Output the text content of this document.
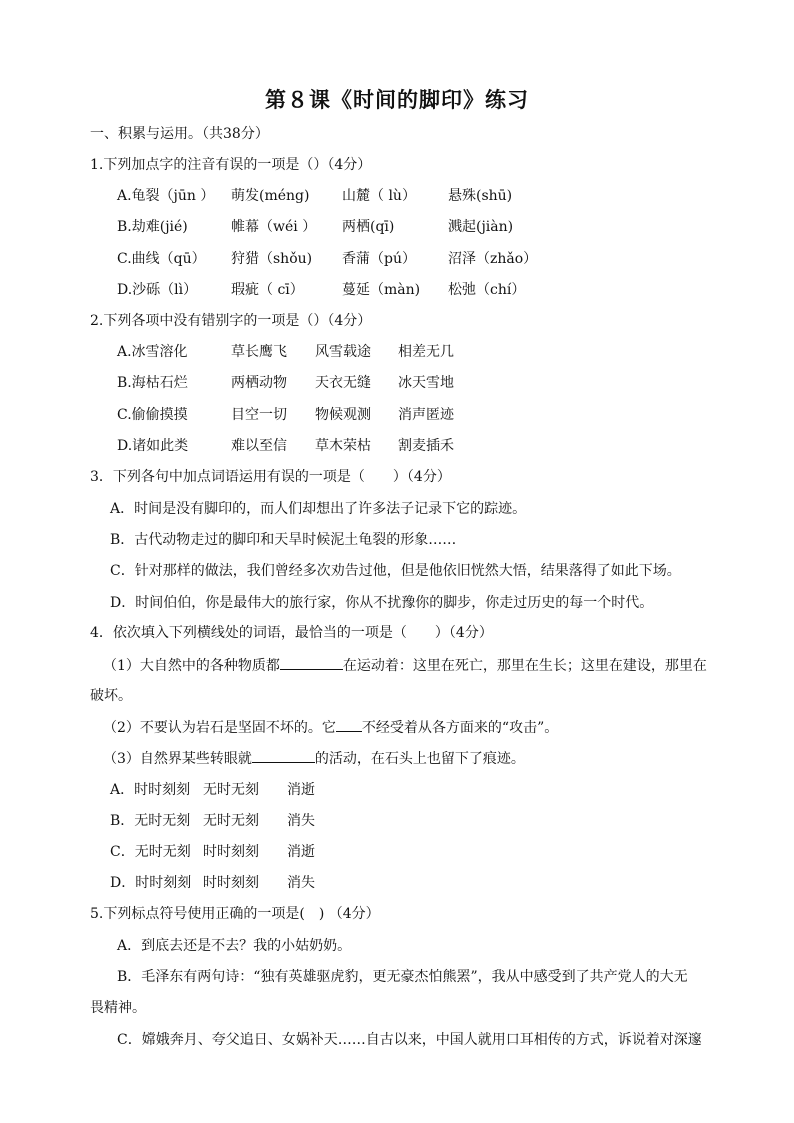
第８课《时间的脚印》练习
一、积累与运用。（共38分）
1.下列加点字的注音有误的一项是（）（4分）
A.龟裂（jūn ） 萌发(méng) 山麓（ lù） 悬殊(shū)
B.劫难(jié)	帷幕（wéi ） 两栖(qī)	溅起(jiàn)
C.曲线（qū） 狩猎（shǒu) 香蒲（pú） 沼泽（zhǎo）
D.沙砾（lì） 瑕疵（ cī）	蔓延（màn) 松弛（chí）
2.下列各项中没有错别字的一项是（）（4分）
A.冰雪溶化	草长鹰飞 风雪载途 相差无几
B.海枯石烂	两栖动物 天衣无缝 冰天雪地
C.偷偷摸摸	目空一切 物候观测 消声匿迹
D.诸如此类	难以至信 草木荣枯 割麦插禾
3．下列各句中加点词语运用有误的一项是（　　）（4分）
A．时间是没有脚印的，而人们却想出了许多法子记录下它的踪迹。
B．古代动物走过的脚印和天旱时候泥土龟裂的形象……
C．针对那样的做法，我们曾经多次劝告过他，但是他依旧恍然大悟，结果落得了如此下场。
D．时间伯伯，你是最伟大的旅行家，你从不扰豫你的脚步，你走过历史的每一个时代。
4．依次填入下列横线处的词语，最恰当的一项是（　　）（4分）
（1）大自然中的各种物质都	在运动着：这里在死亡，那里在生长；这里在建设，那里在
破坏。
（2）不要认为岩石是坚固不坏的。它 不经受着从各方面来的“攻击”。
（3）自然界某些转眼就	的活动，在石头上也留下了痕迹。
A．时时刻刻 无时无刻 消逝
B．无时无刻 无时无刻 消失
C．无时无刻 时时刻刻 消逝
D．时时刻刻 时时刻刻 消失
5.下列标点符号使用正确的一项是(　) （4分）
A．到底去还是不去？我的小姑奶奶。
B．毛泽东有两句诗：“独有英雄驱虎豹，更无豪杰怕熊罴”，我从中感受到了共产党人的大无
畏精神。
C．嫦娥奔月、夸父追日、女娲补天……自古以来，中国人就用口耳相传的方式，诉说着对深邃
